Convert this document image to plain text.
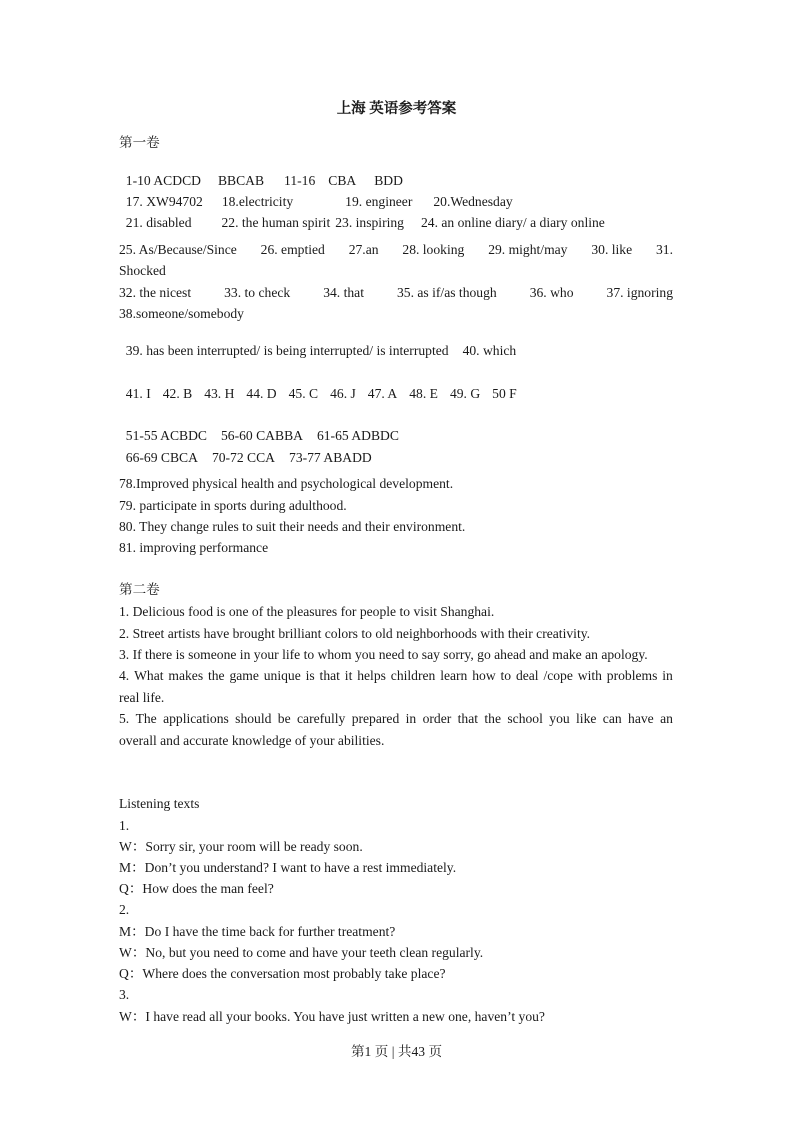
上海 英语参考答案
第一卷

1-10 ACDCD BBCAB 11-16 CBA BDD

17. XW94702 18.electricity	19. engineer 20.Wednesday

21. disabled 22. the human spirit 23. inspiring 24. an online diary/ a diary online

25. As/Because/Since 26. emptied 27.an 28. looking 29. might/may 30. like 31.
Shocked
32. the nicest 33. to check 34. that 35. as if/as though 36. who 37. ignoring
38.someone/somebody

39. has been interrupted/ is being interrupted/ is interrupted 40. which

41. I 42. B 43. H 44. D 45. C 46. J 47. A 48. E 49. G 50 F

51-55 ACBDC 56-60 CABBA 61-65 ADBDC

66-69 CBCA 70-72 CCA 73-77 ABADD

78.Improved physical health and psychological development.
79. participate in sports during adulthood.
80. They change rules to suit their needs and their environment.
81. improving performance
第二卷
1. Delicious food is one of the pleasures for people to visit Shanghai.
2. Street artists have brought brilliant colors to old neighborhoods with their creativity.
3. If there is someone in your life to whom you need to say sorry, go ahead and make an apology.
4. What makes the game unique is that it helps children learn how to deal /cope with problems in
real life.
5. The applications should be carefully prepared in order that the school you like can have an
overall and accurate knowledge of your abilities.
Listening texts
1.
W：Sorry sir, your room will be ready soon.
M：Don’t you understand? I want to have a rest immediately.
Q：How does the man feel?
2.
M：Do I have the time back for further treatment?
W：No, but you need to come and have your teeth clean regularly.
Q：Where does the conversation most probably take place?
3.
W：I have read all your books. You have just written a new one, haven’t you?
第1 页 | 共43 页
